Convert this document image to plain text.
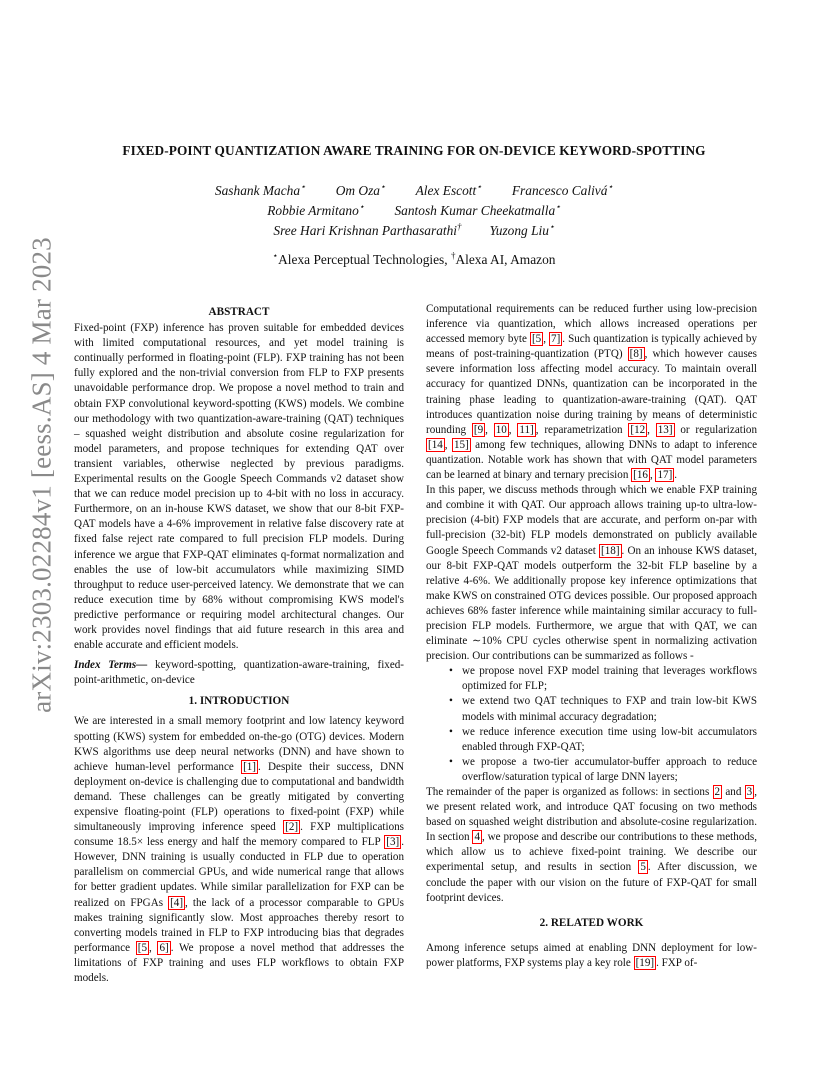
arXiv:2303.02284v1 [eess.AS] 4 Mar 2023
FIXED-POINT QUANTIZATION AWARE TRAINING FOR ON-DEVICE KEYWORD-SPOTTING
Sashank Macha⋆ Om Oza⋆ Alex Escott⋆ Francesco Calivá⋆
Robbie Armitano⋆ Santosh Kumar Cheekatmalla⋆
Sree Hari Krishnan Parthasarathi† Yuzong Liu⋆
⋆Alexa Perceptual Technologies, †Alexa AI, Amazon
ABSTRACT

Fixed-point (FXP) inference has proven suitable for embedded devices with limited computational resources, and yet model training is continually performed in floating-point (FLP). FXP training has not been fully explored and the non-trivial conversion from FLP to FXP presents unavoidable performance drop. We propose a novel method to train and obtain FXP convolutional keyword-spotting (KWS) models. We combine our methodology with two quantization-aware-training (QAT) techniques – squashed weight distribution and absolute cosine regularization for model parameters, and propose techniques for extending QAT over transient variables, otherwise neglected by previous paradigms. Experimental results on the Google Speech Commands v2 dataset show that we can reduce model precision up to 4-bit with no loss in accuracy. Furthermore, on an in-house KWS dataset, we show that our 8-bit FXP-QAT models have a 4-6% improvement in relative false discovery rate at fixed false reject rate compared to full precision FLP models. During inference we argue that FXP-QAT eliminates q-format normalization and enables the use of low-bit accumulators while maximizing SIMD throughput to reduce user-perceived latency. We demonstrate that we can reduce execution time by 68% without compromising KWS model's predictive performance or requiring model architectural changes. Our work provides novel findings that aid future research in this area and enable accurate and efficient models.

Index Terms— keyword-spotting, quantization-aware-training, fixed-point-arithmetic, on-device

1. INTRODUCTION

We are interested in a small memory footprint and low latency keyword spotting (KWS) system for embedded on-the-go (OTG) devices. Modern KWS algorithms use deep neural networks (DNN) and have shown to achieve human-level performance [1] . Despite their success, DNN deployment on-device is challenging due to computational and bandwidth demand. These challenges can be greatly mitigated by converting expensive floating-point (FLP) operations to fixed-point (FXP) while simultaneously improving inference speed [2] . FXP multiplications consume 18.5× less energy and half the memory compared to FLP [3] . However, DNN training is usually conducted in FLP due to operation parallelism on commercial GPUs, and wide numerical range that allows for better gradient updates. While similar parallelization for FXP can be realized on FPGAs [4] , the lack of a processor comparable to GPUs makes training significantly slow. Most approaches thereby resort to converting models trained in FLP to FXP introducing bias that degrades performance [5 , 6] . We propose a novel method that addresses the limitations of FXP training and uses FLP workflows to obtain FXP models.

Computational requirements can be reduced further using low-precision inference via quantization, which allows increased operations per accessed memory byte [5 , 7] . Such quantization is typically achieved by means of post-training-quantization (PTQ) [8] , which however causes severe information loss affecting model accuracy. To maintain overall accuracy for quantized DNNs, quantization can be incorporated in the training phase leading to quantization-aware-training (QAT). QAT introduces quantization noise during training by means of deterministic rounding [9 , 10 , 11] , reparametrization [12 , 13] or regularization [14 , 15] among few techniques, allowing DNNs to adapt to inference quantization. Notable work has shown that with QAT model parameters can be learned at binary and ternary precision [16 , 17] .

In this paper, we discuss methods through which we enable FXP training and combine it with QAT. Our approach allows training up-to ultra-low-precision (4-bit) FXP models that are accurate, and perform on-par with full-precision (32-bit) FLP models demonstrated on publicly available Google Speech Commands v2 dataset [18] . On an inhouse KWS dataset, our 8-bit FXP-QAT models outperform the 32-bit FLP baseline by a relative 4-6%. We additionally propose key inference optimizations that make KWS on constrained OTG devices possible. Our proposed approach achieves 68% faster inference while maintaining similar accuracy to full-precision FLP models. Furthermore, we argue that with QAT, we can eliminate ∼10% CPU cycles otherwise spent in normalizing activation precision. Our contributions can be summarized as follows -

• we propose novel FXP model training that leverages workflows optimized for FLP;
• we extend two QAT techniques to FXP and train low-bit KWS models with minimal accuracy degradation;
• we reduce inference execution time using low-bit accumulators enabled through FXP-QAT;
• we propose a two-tier accumulator-buffer approach to reduce overflow/saturation typical of large DNN layers;

The remainder of the paper is organized as follows: in sections 2 and 3 , we present related work, and introduce QAT focusing on two methods based on squashed weight distribution and absolute-cosine regularization. In section 4 , we propose and describe our contributions to these methods, which allow us to achieve fixed-point training. We describe our experimental setup, and results in section 5 . After discussion, we conclude the paper with our vision on the future of FXP-QAT for small footprint devices.

2. RELATED WORK

Among inference setups aimed at enabling DNN deployment for low-power platforms, FXP systems play a key role [19] . FXP of-
